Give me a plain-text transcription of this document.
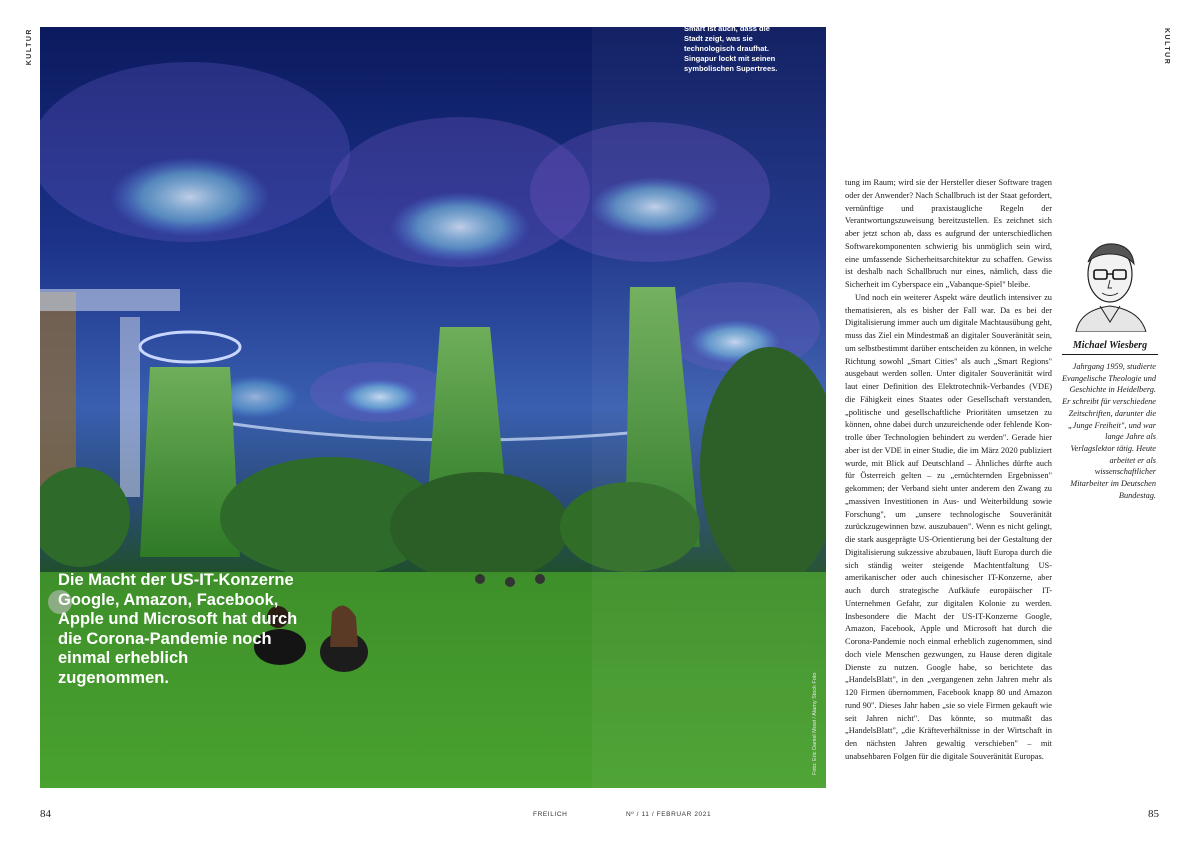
KULTUR	KULTUR
Smart ist auch, dass die Stadt zeigt, was sie technologisch draufhat. Singapur lockt mit seinen symbolischen Supertrees.
Die Macht der US-IT-Konzerne Google, Amazon, Facebook, Apple und Microsoft hat durch die Corona-Pandemie noch einmal erheblich zugenommen.	Foto: Eric Daniel Mowi / Alamy Stock Foto

tung im Raum; wird sie der Hersteller dieser Software tragen oder der Anwender? Nach Schallbruch ist der Staat gefordert, vernünftige und praxistaugliche Regeln der Verantwortungszuweisung bereitzustellen. Es zeichnet sich aber jetzt schon ab, dass es aufgrund der unterschiedlichen Softwarekomponenten schwierig bis unmöglich sein wird, eine umfassende Sicherheitsarchitektur zu schaffen. Gewiss ist deshalb nach Schallbruch nur eines, nämlich, dass die Sicherheit im Cyberspace ein „Vabanque-Spiel" bleibe.

Und noch ein weiterer Aspekt wäre deutlich intensiver zu thematisieren, als es bisher der Fall war. Da es bei der Digitalisierung immer auch um digitale Machtausübung geht, muss das Ziel ein Mindestmaß an digitaler Souveränität sein, um selbstbestimmt darüber entscheiden zu können, in welche Richtung sowohl „Smart Cities" als auch „Smart Regions" ausgebaut werden sollen. Unter digitaler Souveränität wird laut einer Definition des Elektrotechnik-Verbandes (VDE) die Fähigkeit eines Staates oder Gesellschaft verstanden, „politische und gesellschaftliche Prioritäten umsetzen zu können, ohne dabei durch unzureichende oder fehlende Kon-trolle über Technologien behindert zu werden". Gerade hier aber ist der VDE in einer Studie, die im März 2020 publiziert wurde, mit Blick auf Deutschland – Ähnliches dürfte auch für Österreich gelten – zu „ernüchternden Ergebnissen" gekommen; der Verband sieht unter anderem den Zwang zu „massiven Investitionen in Aus- und Weiterbildung sowie Forschung", um „unsere technologische Souveränität zurückzugewinnen bzw. auszubauen". Wenn es nicht gelingt, die stark ausgeprägte US-Orientierung bei der Gestaltung der Digitalisierung sukzessive abzubauen, läuft Europa durch die sich ständig weiter steigende Machtentfaltung US-amerikanischer oder auch chinesischer IT-Konzerne, aber auch durch strategische Aufkäufe europäischer IT-Unternehmen Gefahr, zur digitalen Kolonie zu werden. Insbesondere die Macht der US-IT-Konzerne Google, Amazon, Facebook, Apple und Microsoft hat durch die Corona-Pandemie noch einmal erheblich zugenommen, sind doch viele Menschen gezwungen, zu Hause deren digitale Dienste zu nutzen. Google habe, so berichtete das „HandelsBlatt", in den „vergangenen zehn Jahren mehr als 120 Firmen übernommen, Facebook knapp 80 und Amazon rund 90". Dieses Jahr haben „sie so viele Firmen gekauft wie seit Jahren nicht". Das könnte, so mutmaßt das „HandelsBlatt", „die Kräfteverhältnisse in der Wirtschaft in den nächsten Jahren gewaltig verschieben" – mit unabsehbaren Folgen für die digitale Souveränität Europas.

Michael Wiesberg
Jahrgang 1959, studierte Evangelische Theologie und Geschichte in Heidelberg. Er schreibt für verschiedene Zeitschriften, darunter die „Junge Freiheit", und war lange Jahre als Verlagslektor tätig. Heute arbeitet er als wissenschaftlicher Mitarbeiter im Deutschen Bundestag.
84	FREILICH	Nº / 11 / FEBRUAR 2021	85
